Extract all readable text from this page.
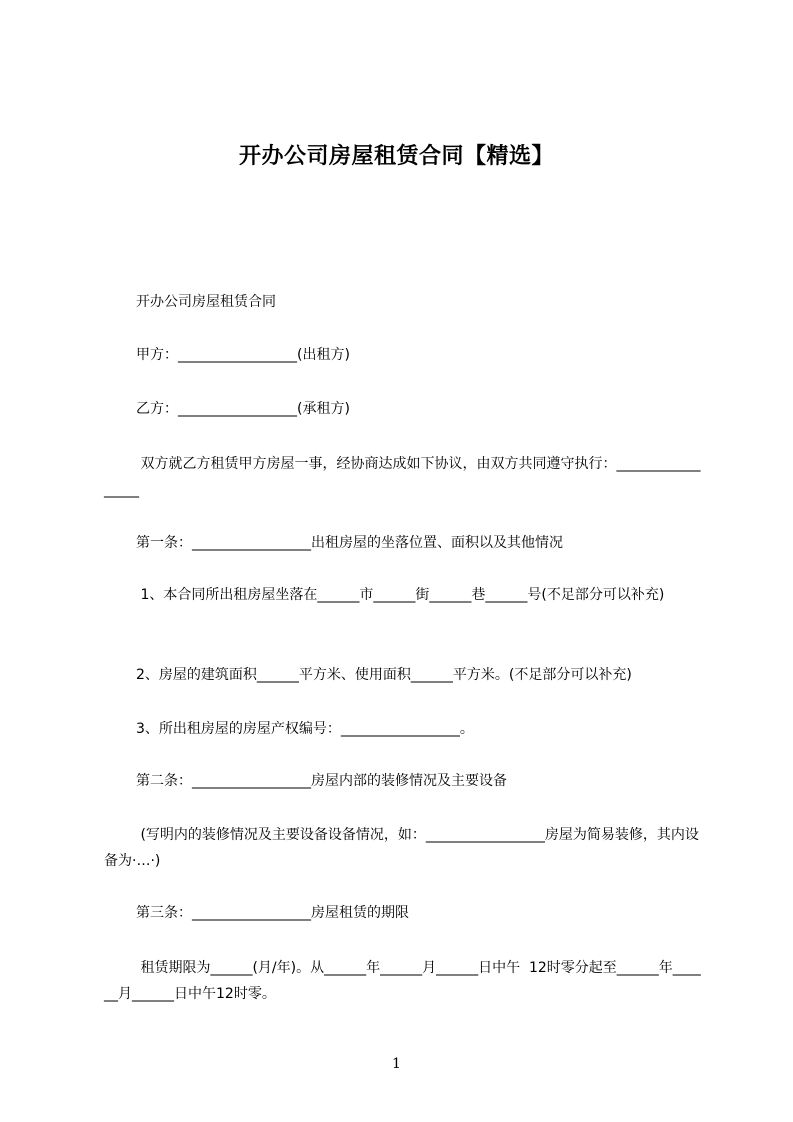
开办公司房屋租赁合同【精选】
开办公司房屋租赁合同
甲方：_________________(出租方)
乙方：_________________(承租方)
双方就乙方租赁甲方房屋一事，经协商达成如下协议，由双方共同遵守执行：_________________
第一条：_________________出租房屋的坐落位置、面积以及其他情况
1、本合同所出租房屋坐落在______市______街______巷______号(不足部分可以补充)
2、房屋的建筑面积______平方米、使用面积______平方米。(不足部分可以补充)
3、所出租房屋的房屋产权编号：_________________。
第二条：_________________房屋内部的装修情况及主要设备
(写明内的装修情况及主要设备设备情况，如：_________________房屋为简易装修，其内设备为·…·)
第三条：_________________房屋租赁的期限
租赁期限为______(月/年)。从______年______月______日中午  12时零分起至______年______月______日中午12时零。
1
